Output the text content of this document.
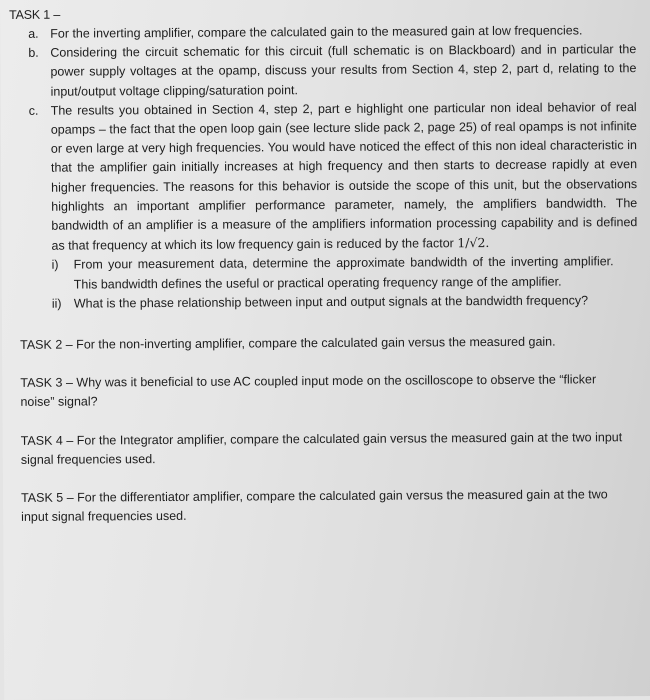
TASK 1 –
a. For the inverting amplifier, compare the calculated gain to the measured gain at low frequencies.
b. Considering the circuit schematic for this circuit (full schematic is on Blackboard) and in particular the power supply voltages at the opamp, discuss your results from Section 4, step 2, part d, relating to the input/output voltage clipping/saturation point.
c. The results you obtained in Section 4, step 2, part e highlight one particular non ideal behavior of real opamps – the fact that the open loop gain (see lecture slide pack 2, page 25) of real opamps is not infinite or even large at very high frequencies. You would have noticed the effect of this non ideal characteristic in that the amplifier gain initially increases at high frequency and then starts to decrease rapidly at even higher frequencies. The reasons for this behavior is outside the scope of this unit, but the observations highlights an important amplifier performance parameter, namely, the amplifiers bandwidth. The bandwidth of an amplifier is a measure of the amplifiers information processing capability and is defined as that frequency at which its low frequency gain is reduced by the factor 1/√2.
i)	From your measurement data, determine the approximate bandwidth of the inverting amplifier. This bandwidth defines the useful or practical operating frequency range of the amplifier.
ii) What is the phase relationship between input and output signals at the bandwidth frequency?
TASK 2 – For the non-inverting amplifier, compare the calculated gain versus the measured gain.
TASK 3 – Why was it beneficial to use AC coupled input mode on the oscilloscope to observe the “flicker noise” signal?
TASK 4 – For the Integrator amplifier, compare the calculated gain versus the measured gain at the two input signal frequencies used.
TASK 5 – For the differentiator amplifier, compare the calculated gain versus the measured gain at the two input signal frequencies used.
